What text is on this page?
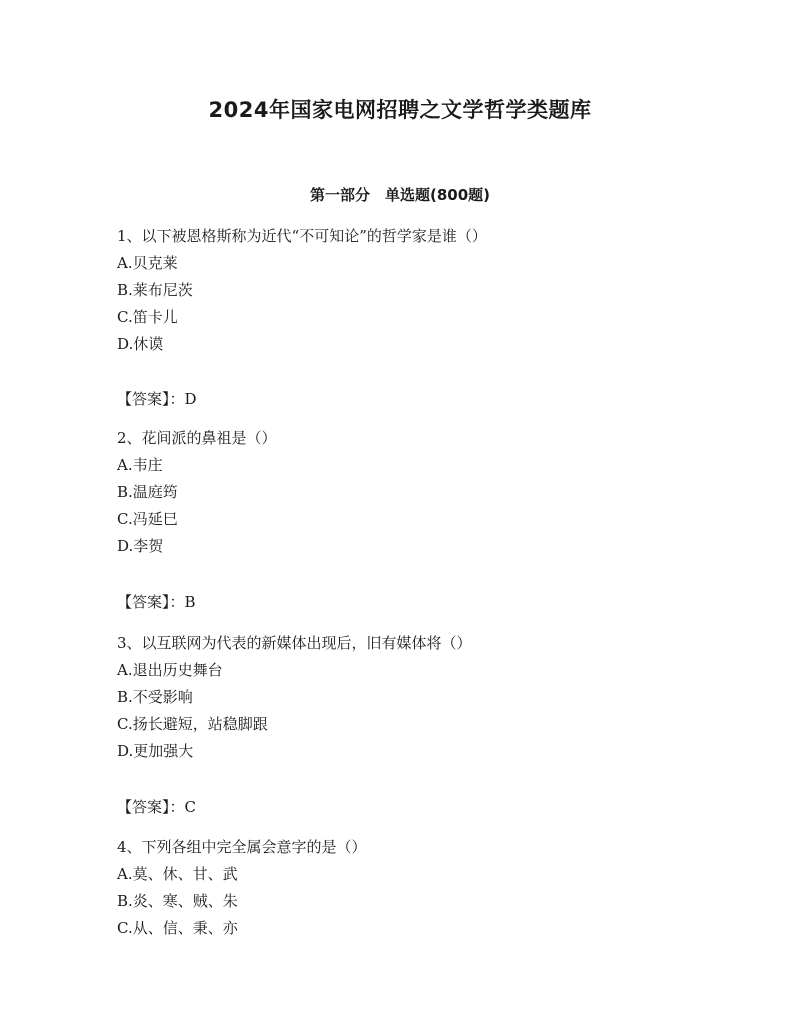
2024年国家电网招聘之文学哲学类题库
第一部分　单选题(800题)
1、以下被恩格斯称为近代“不可知论”的哲学家是谁（）
A.贝克莱
B.莱布尼茨
C.笛卡儿
D.休谟
【答案】：D
2、花间派的鼻祖是（）
A.韦庄
B.温庭筠
C.冯延巳
D.李贺
【答案】：B
3、以互联网为代表的新媒体出现后，旧有媒体将（）
A.退出历史舞台
B.不受影响
C.扬长避短，站稳脚跟
D.更加强大
【答案】：C
4、下列各组中完全属会意字的是（）
A.莫、休、甘、武
B.炎、寒、贼、朱
C.从、信、秉、亦
